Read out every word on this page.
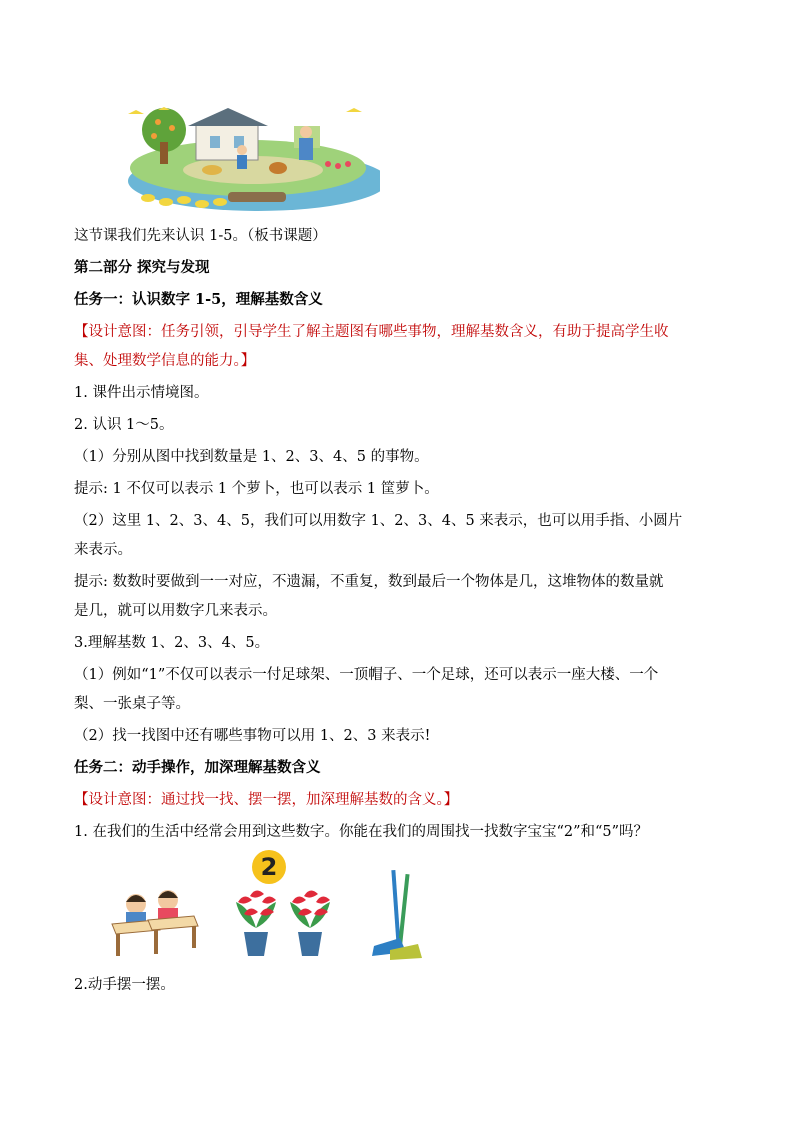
这节课我们先来认识 1-5。（板书课题）
第二部分 探究与发现
任务一：认识数字 1-5，理解基数含义
【设计意图：任务引领，引导学生了解主题图有哪些事物，理解基数含义，有助于提高学生收
集、处理数学信息的能力。】
1. 课件出示情境图。
2. 认识 1～5。
（1）分别从图中找到数量是 1、2、3、4、5 的事物。
提示: 1 不仅可以表示 1 个萝卜，也可以表示 1 筐萝卜。
（2）这里 1、2、3、4、5，我们可以用数字 1、2、3、4、5 来表示，也可以用手指、小圆片
来表示。
提示: 数数时要做到一一对应，不遗漏，不重复，数到最后一个物体是几，这堆物体的数量就
是几，就可以用数字几来表示。
3.理解基数 1、2、3、4、5。
（1）例如“1”不仅可以表示一付足球架、一顶帽子、一个足球，还可以表示一座大楼、一个
梨、一张桌子等。
（2）找一找图中还有哪些事物可以用 1、2、3 来表示!
任务二：动手操作，加深理解基数含义
【设计意图：通过找一找、摆一摆，加深理解基数的含义。】
1. 在我们的生活中经常会用到这些数字。你能在我们的周围找一找数字宝宝“2”和“5”吗？
2
2.动手摆一摆。
